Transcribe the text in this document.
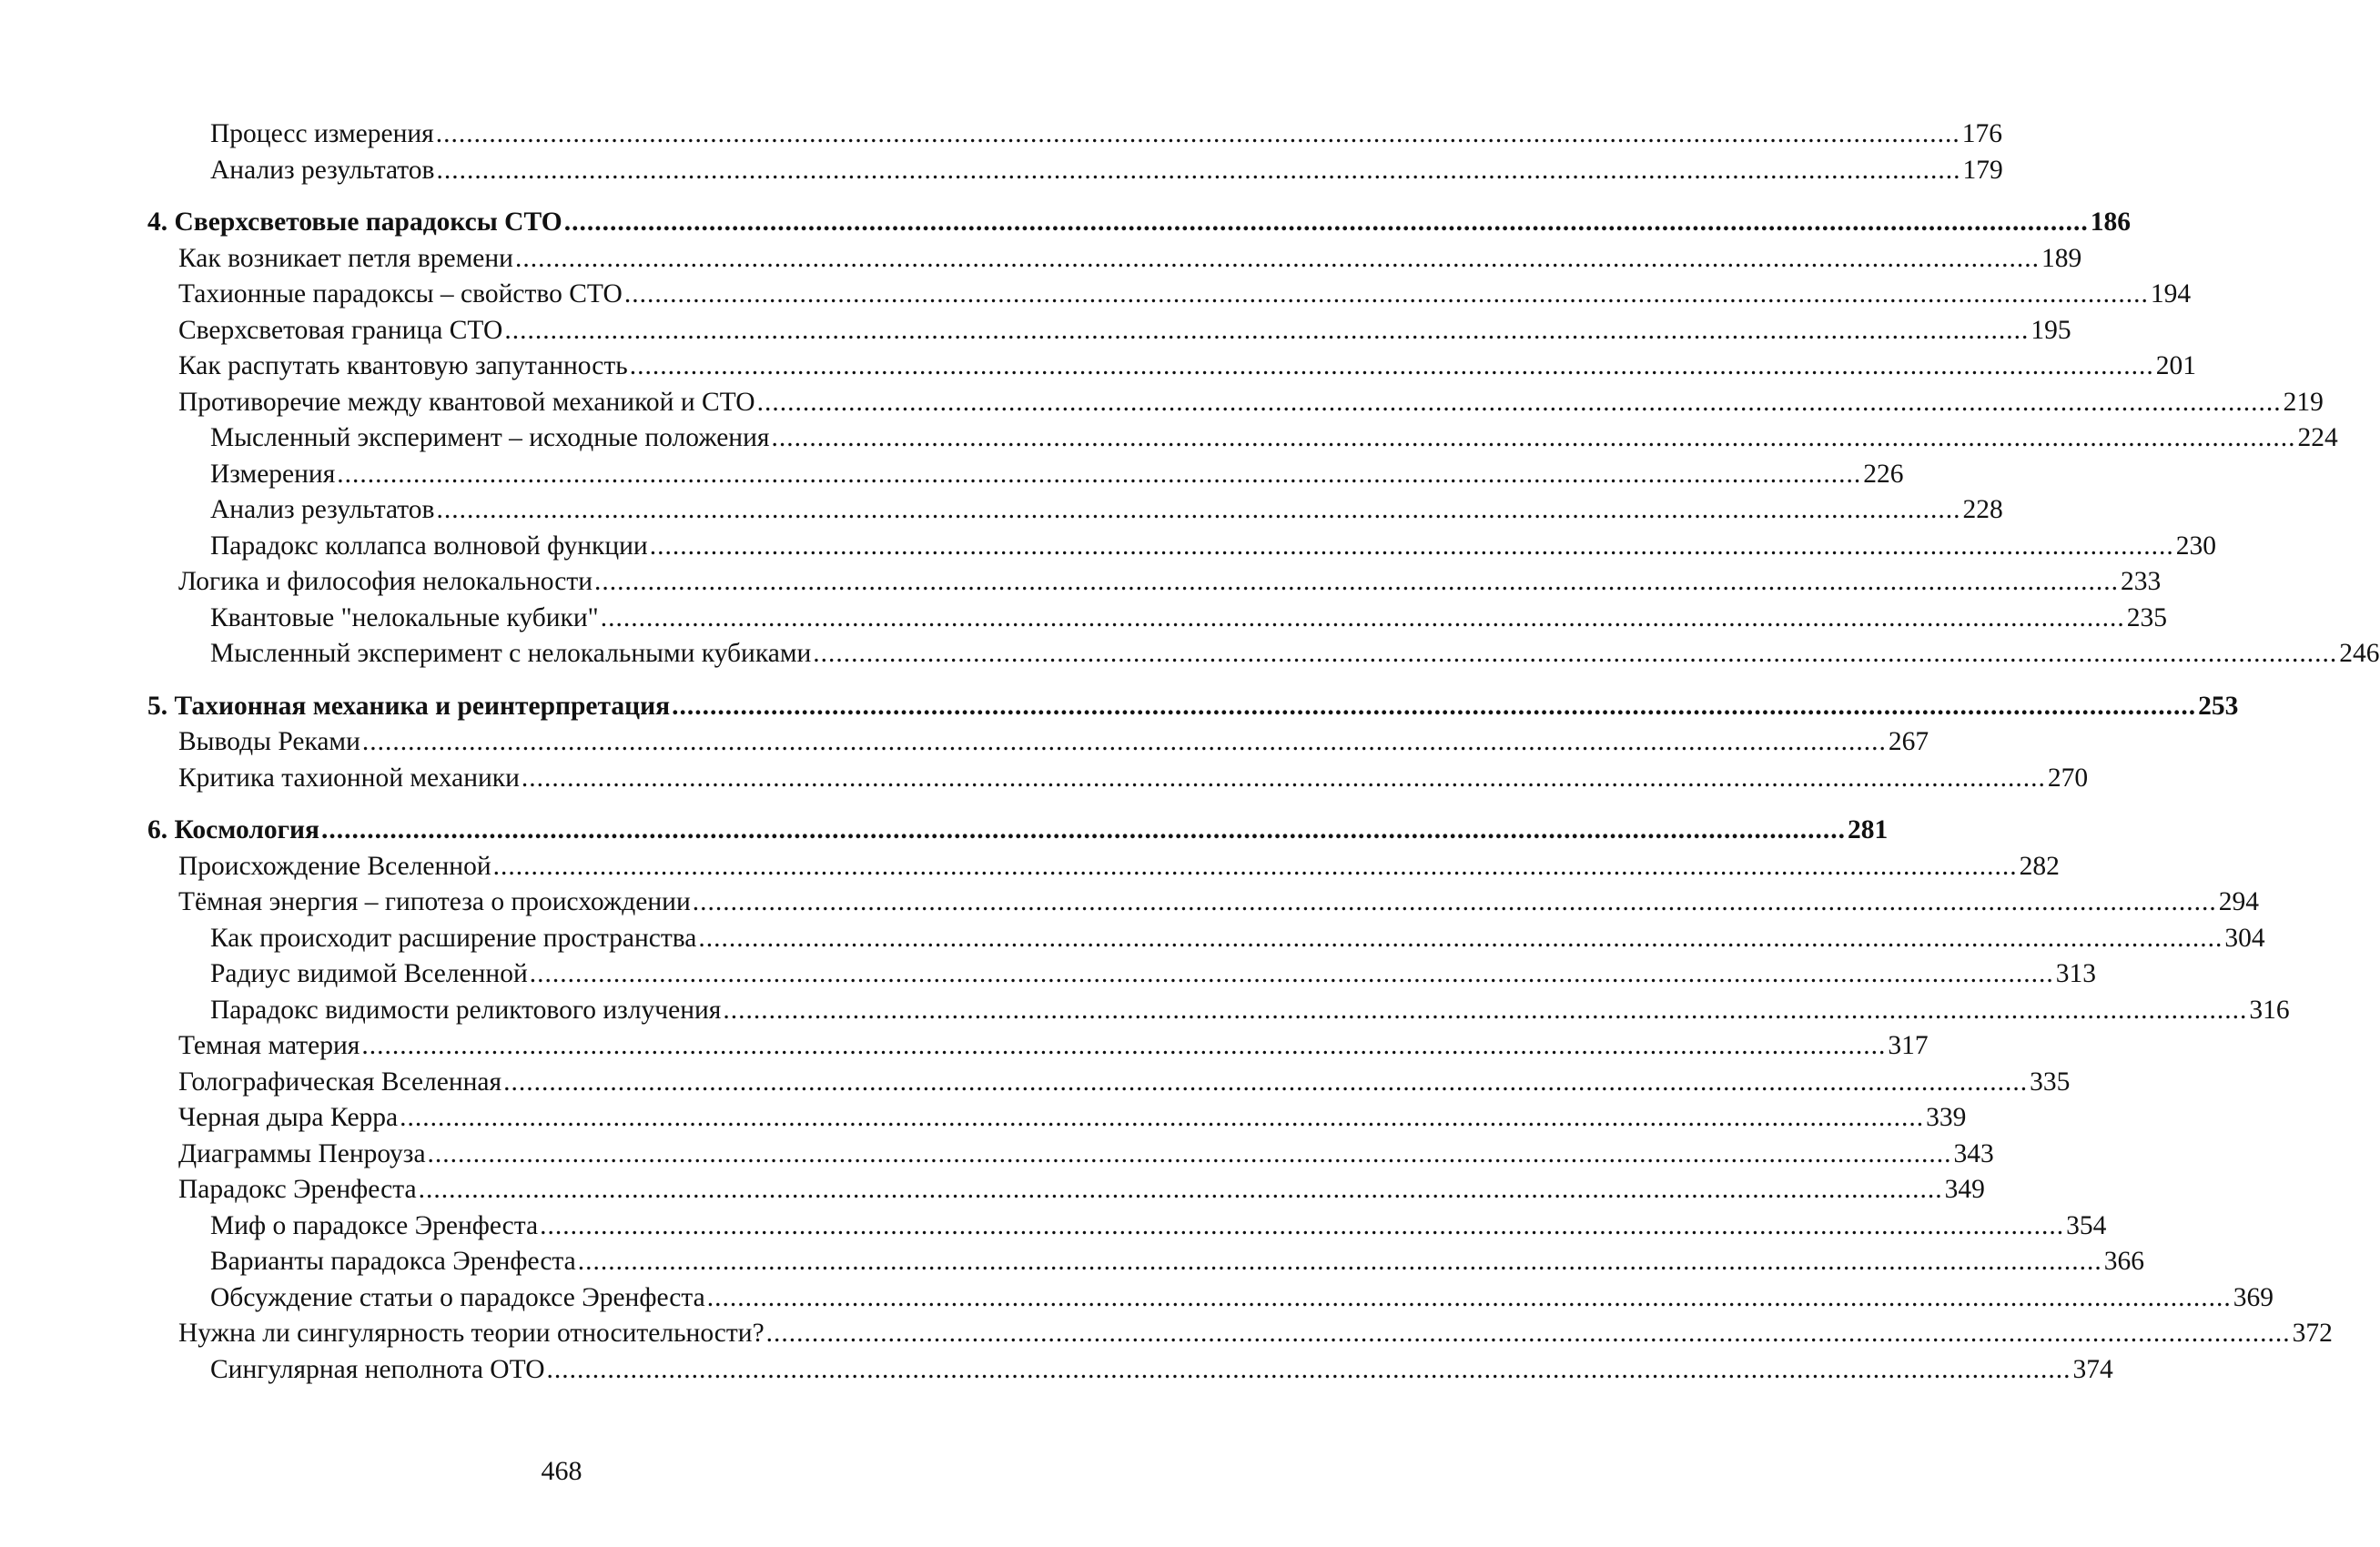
Процесс измерения ........................................................................................................................................................................................................ 176
Анализ результатов ........................................................................................................................................................................................................ 179
4. Сверхсветовые парадоксы СТО ........................................................................................................................................................................................................ 186
Как возникает петля времени ........................................................................................................................................................................................................ 189
Тахионные парадоксы – свойство СТО ........................................................................................................................................................................................................ 194
Сверхсветовая граница СТО ........................................................................................................................................................................................................ 195
Как распутать квантовую запутанность ........................................................................................................................................................................................................ 201
Противоречие между квантовой механикой и СТО ........................................................................................................................................................................................................ 219
Мысленный эксперимент – исходные положения ........................................................................................................................................................................................................ 224
Измерения ........................................................................................................................................................................................................ 226
Анализ результатов ........................................................................................................................................................................................................ 228
Парадокс коллапса волновой функции ........................................................................................................................................................................................................ 230
Логика и философия нелокальности ........................................................................................................................................................................................................ 233
Квантовые "нелокальные кубики" ........................................................................................................................................................................................................ 235
Мысленный эксперимент с нелокальными кубиками ........................................................................................................................................................................................................ 246
5. Тахионная механика и реинтерпретация ........................................................................................................................................................................................................ 253
Выводы Реками ........................................................................................................................................................................................................ 267
Критика тахионной механики ........................................................................................................................................................................................................ 270
6. Космология ........................................................................................................................................................................................................ 281
Происхождение Вселенной ........................................................................................................................................................................................................ 282
Тёмная энергия – гипотеза о происхождении ........................................................................................................................................................................................................ 294
Как происходит расширение пространства ........................................................................................................................................................................................................ 304
Радиус видимой Вселенной ........................................................................................................................................................................................................ 313
Парадокс видимости реликтового излучения ........................................................................................................................................................................................................ 316
Темная материя ........................................................................................................................................................................................................ 317
Голографическая Вселенная ........................................................................................................................................................................................................ 335
Черная дыра Керра ........................................................................................................................................................................................................ 339
Диаграммы Пенроуза ........................................................................................................................................................................................................ 343
Парадокс Эренфеста ........................................................................................................................................................................................................ 349
Миф о парадоксе Эренфеста ........................................................................................................................................................................................................ 354
Варианты парадокса Эренфеста ........................................................................................................................................................................................................ 366
Обсуждение статьи о парадоксе Эренфеста ........................................................................................................................................................................................................ 369
Нужна ли сингулярность теории относительности? ........................................................................................................................................................................................................ 372
Сингулярная неполнота ОТО ........................................................................................................................................................................................................ 374
468
